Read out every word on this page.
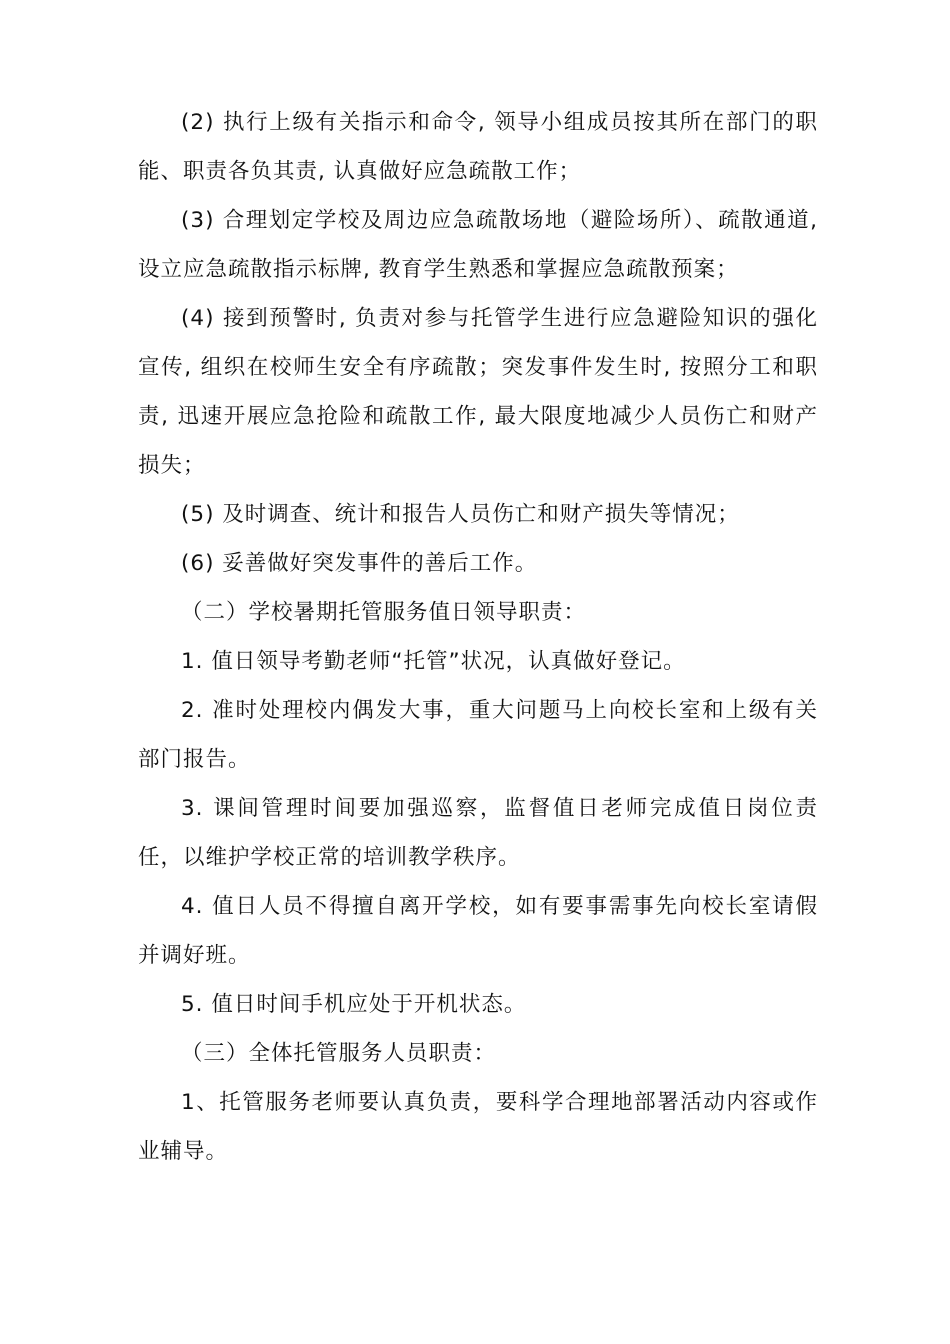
(2) 执行上级有关指示和命令, 领导小组成员按其所在部门的职能、职责各负其责, 认真做好应急疏散工作；

(3) 合理划定学校及周边应急疏散场地（避险场所）、疏散通道, 设立应急疏散指示标牌, 教育学生熟悉和掌握应急疏散预案；

(4) 接到预警时, 负责对参与托管学生进行应急避险知识的强化宣传, 组织在校师生安全有序疏散；突发事件发生时, 按照分工和职责, 迅速开展应急抢险和疏散工作, 最大限度地减少人员伤亡和财产损失；

(5) 及时调查、统计和报告人员伤亡和财产损失等情况；

(6) 妥善做好突发事件的善后工作。

（二）学校暑期托管服务值日领导职责：

1. 值日领导考勤老师“托管”状况，认真做好登记。

2. 准时处理校内偶发大事，重大问题马上向校长室和上级有关部门报告。

3. 课间管理时间要加强巡察，监督值日老师完成值日岗位责任，以维护学校正常的培训教学秩序。

4. 值日人员不得擅自离开学校，如有要事需事先向校长室请假并调好班。

5. 值日时间手机应处于开机状态。

（三）全体托管服务人员职责：

1、托管服务老师要认真负责，要科学合理地部署活动内容或作业辅导。
